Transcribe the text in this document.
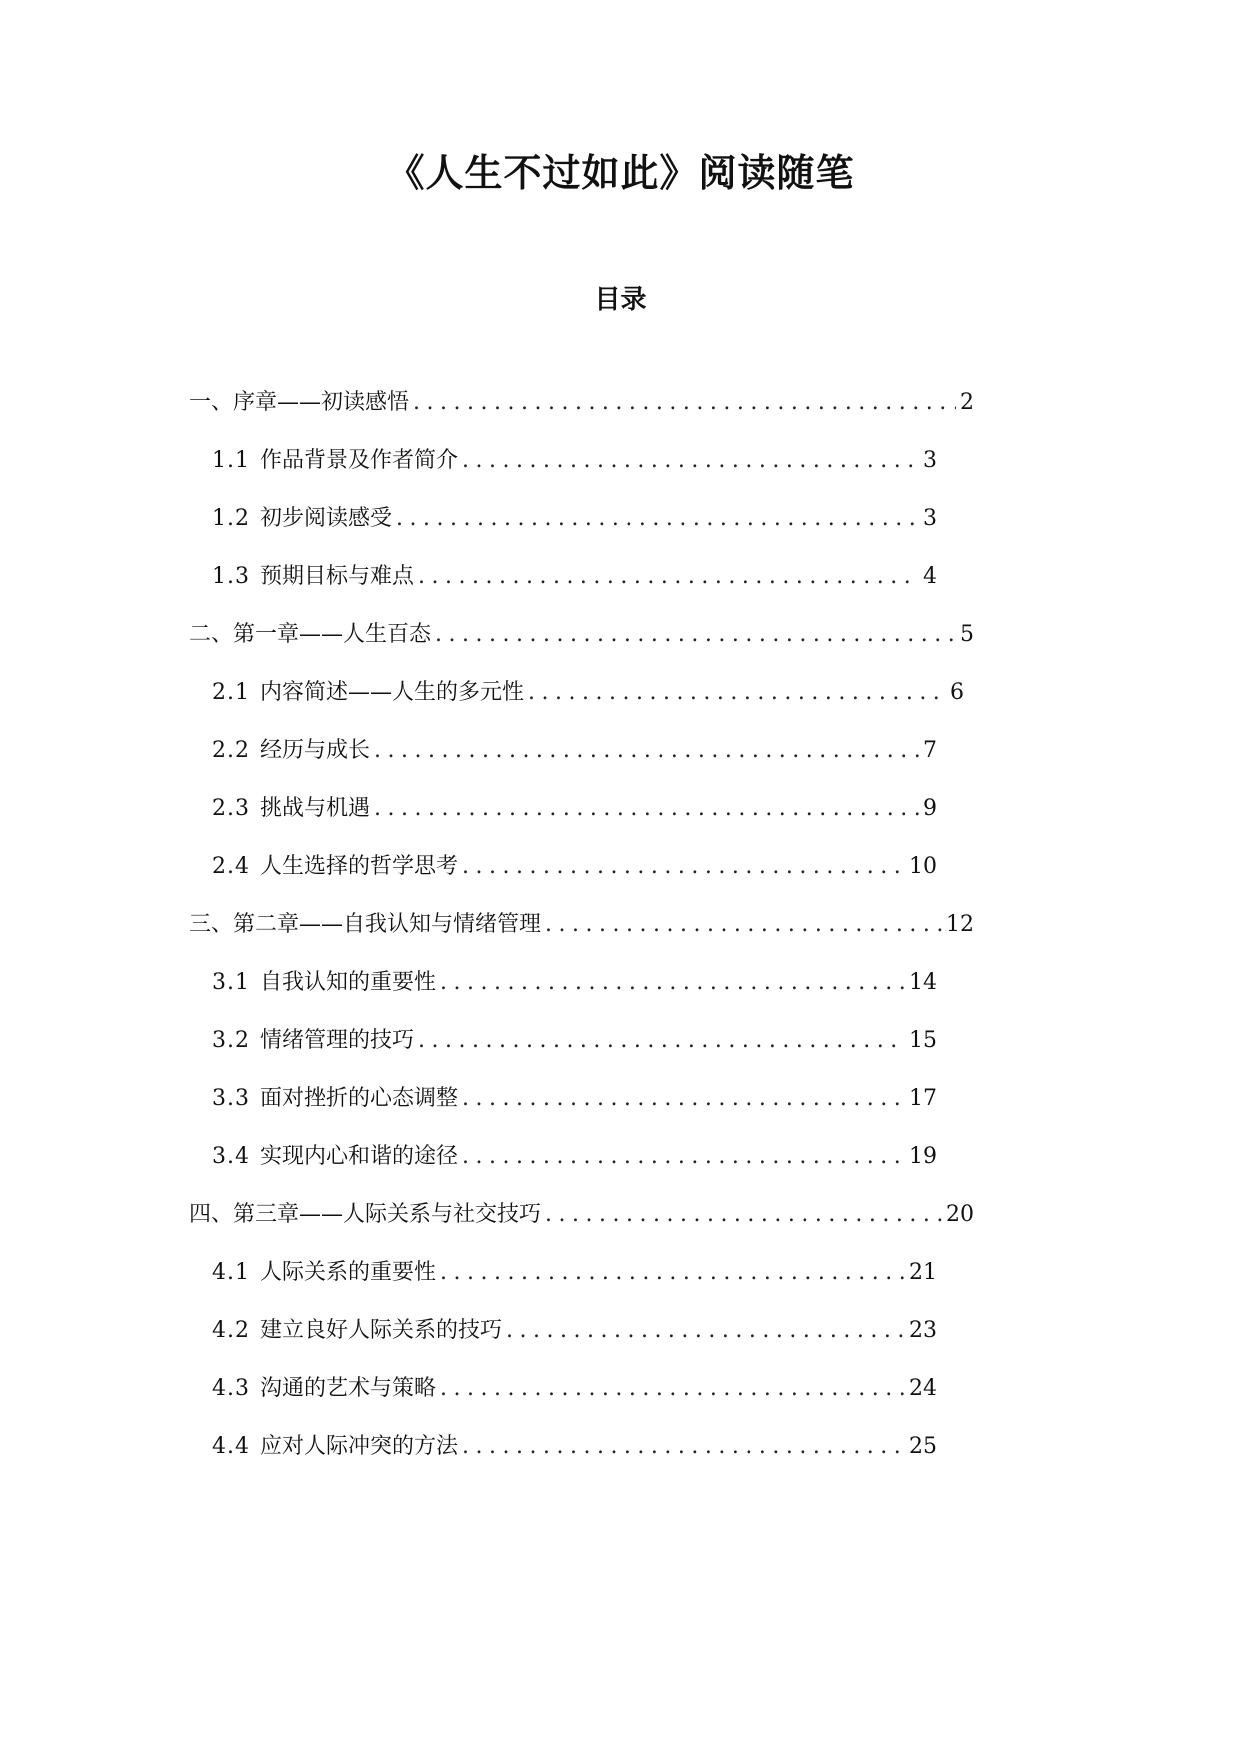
《人生不过如此》阅读随笔
目录
一、序章——初读感悟 .....	2
1.1 作品背景及作者简介 .....	3
1.2 初步阅读感受 .....	3
1.3 预期目标与难点 .....	4
二、第一章——人生百态 .....	5
2.1 内容简述——人生的多元性 .....	6
2.2 经历与成长 .....	7
2.3 挑战与机遇 .....	9
2.4 人生选择的哲学思考 .....	10
三、第二章——自我认知与情绪管理 .....	12
3.1 自我认知的重要性 .....	14
3.2 情绪管理的技巧 .....	15
3.3 面对挫折的心态调整 .....	17
3.4 实现内心和谐的途径 .....	19
四、第三章——人际关系与社交技巧 .....	20
4.1 人际关系的重要性 .....	21
4.2 建立良好人际关系的技巧 .....	23
4.3 沟通的艺术与策略 .....	24
4.4 应对人际冲突的方法 .....	25
